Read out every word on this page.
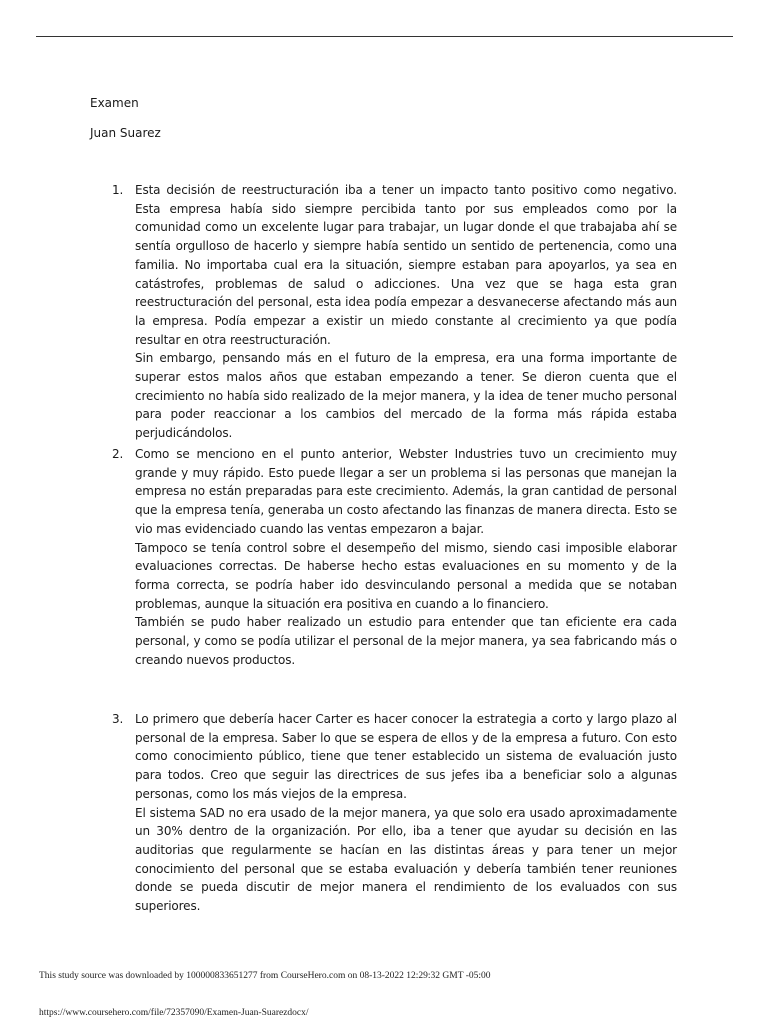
Examen
Juan Suarez
1. Esta decisión de reestructuración iba a tener un impacto tanto positivo como negativo. Esta empresa había sido siempre percibida tanto por sus empleados como por la comunidad como un excelente lugar para trabajar, un lugar donde el que trabajaba ahí se sentía orgulloso de hacerlo y siempre había sentido un sentido de pertenencia, como una familia. No importaba cual era la situación, siempre estaban para apoyarlos, ya sea en catástrofes, problemas de salud o adicciones. Una vez que se haga esta gran reestructuración del personal, esta idea podía empezar a desvanecerse afectando más aun la empresa. Podía empezar a existir un miedo constante al crecimiento ya que podía resultar en otra reestructuración.

Sin embargo, pensando más en el futuro de la empresa, era una forma importante de superar estos malos años que estaban empezando a tener. Se dieron cuenta que el crecimiento no había sido realizado de la mejor manera, y la idea de tener mucho personal para poder reaccionar a los cambios del mercado de la forma más rápida estaba perjudicándolos.

2. Como se menciono en el punto anterior, Webster Industries tuvo un crecimiento muy grande y muy rápido. Esto puede llegar a ser un problema si las personas que manejan la empresa no están preparadas para este crecimiento. Además, la gran cantidad de personal que la empresa tenía, generaba un costo afectando las finanzas de manera directa. Esto se vio mas evidenciado cuando las ventas empezaron a bajar.

Tampoco se tenía control sobre el desempeño del mismo, siendo casi imposible elaborar evaluaciones correctas. De haberse hecho estas evaluaciones en su momento y de la forma correcta, se podría haber ido desvinculando personal a medida que se notaban problemas, aunque la situación era positiva en cuando a lo financiero.

También se pudo haber realizado un estudio para entender que tan eficiente era cada personal, y como se podía utilizar el personal de la mejor manera, ya sea fabricando más o creando nuevos productos.

3. Lo primero que debería hacer Carter es hacer conocer la estrategia a corto y largo plazo al personal de la empresa. Saber lo que se espera de ellos y de la empresa a futuro. Con esto como conocimiento público, tiene que tener establecido un sistema de evaluación justo para todos. Creo que seguir las directrices de sus jefes iba a beneficiar solo a algunas personas, como los más viejos de la empresa.

El sistema SAD no era usado de la mejor manera, ya que solo era usado aproximadamente un 30% dentro de la organización. Por ello, iba a tener que ayudar su decisión en las auditorias que regularmente se hacían en las distintas áreas y para tener un mejor conocimiento del personal que se estaba evaluación y debería también tener reuniones donde se pueda discutir de mejor manera el rendimiento de los evaluados con sus superiores.

This study source was downloaded by 100000833651277 from CourseHero.com on 08-13-2022 12:29:32 GMT -05:00
https://www.coursehero.com/file/72357090/Examen-Juan-Suarezdocx/
